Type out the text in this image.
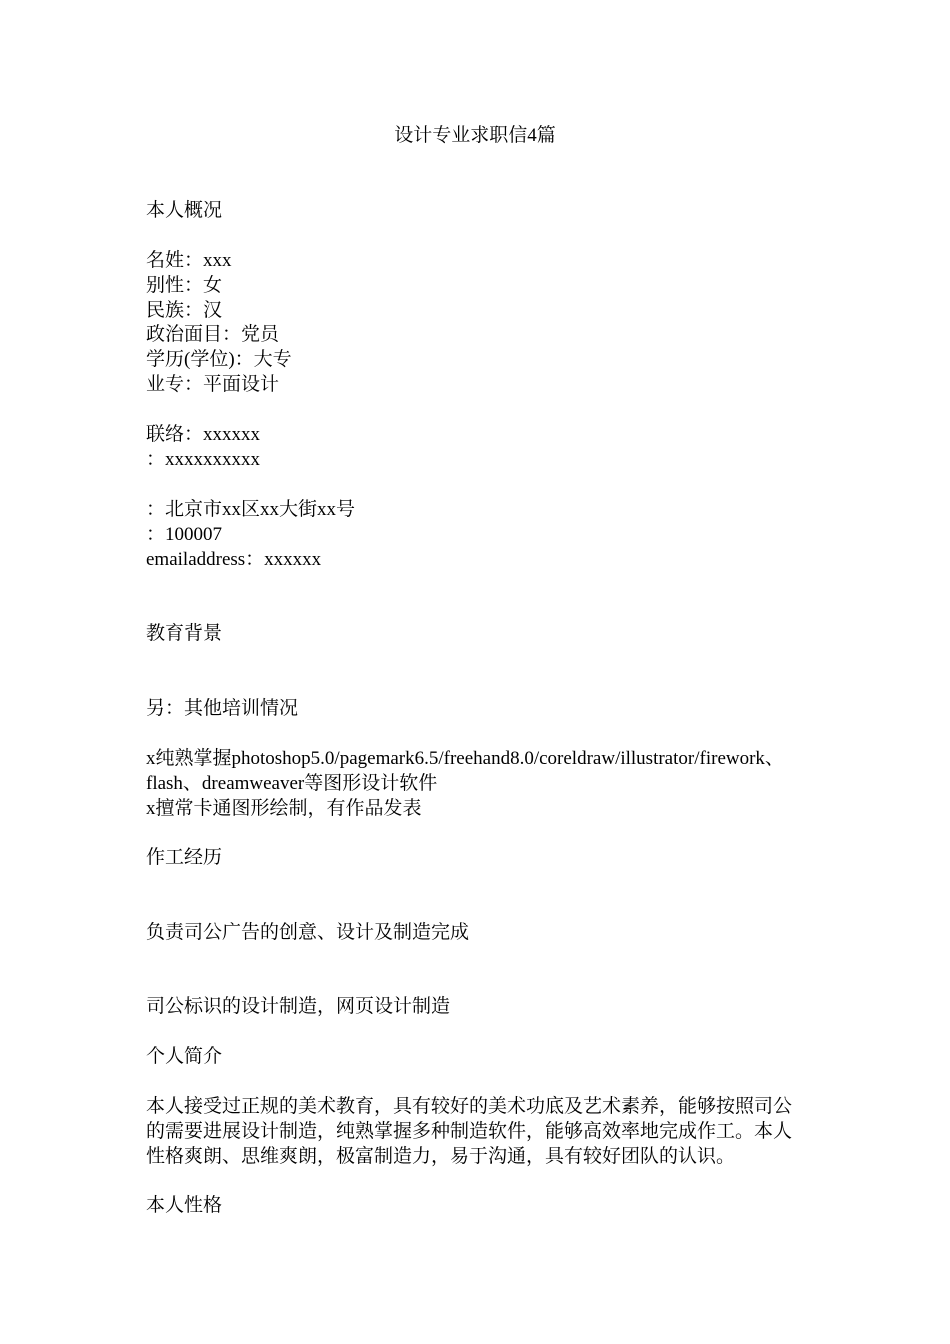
设计专业求职信4篇

本人概况

名姓：xxx
别性：女
民族：汉
政治面目：党员
学历(学位)：大专
业专：平面设计
联络：xxxxxx
：xxxxxxxxxx
：北京市xx区xx大街xx号
：100007
emailaddress：xxxxxx

教育背景

另：其他培训情况

x纯熟掌握photoshop5.0/pagemark6.5/freehand8.0/coreldraw/illustrator/firework、
flash、dreamweaver等图形设计软件
x擅常卡通图形绘制，有作品发表

作工经历

负责司公广告的创意、设计及制造完成

司公标识的设计制造，网页设计制造

个人简介

本人接受过正规的美术教育，具有较好的美术功底及艺术素养，能够按照司公
的需要进展设计制造，纯熟掌握多种制造软件，能够高效率地完成作工。本人
性格爽朗、思维爽朗，极富制造力，易于沟通，具有较好团队的认识。

本人性格
